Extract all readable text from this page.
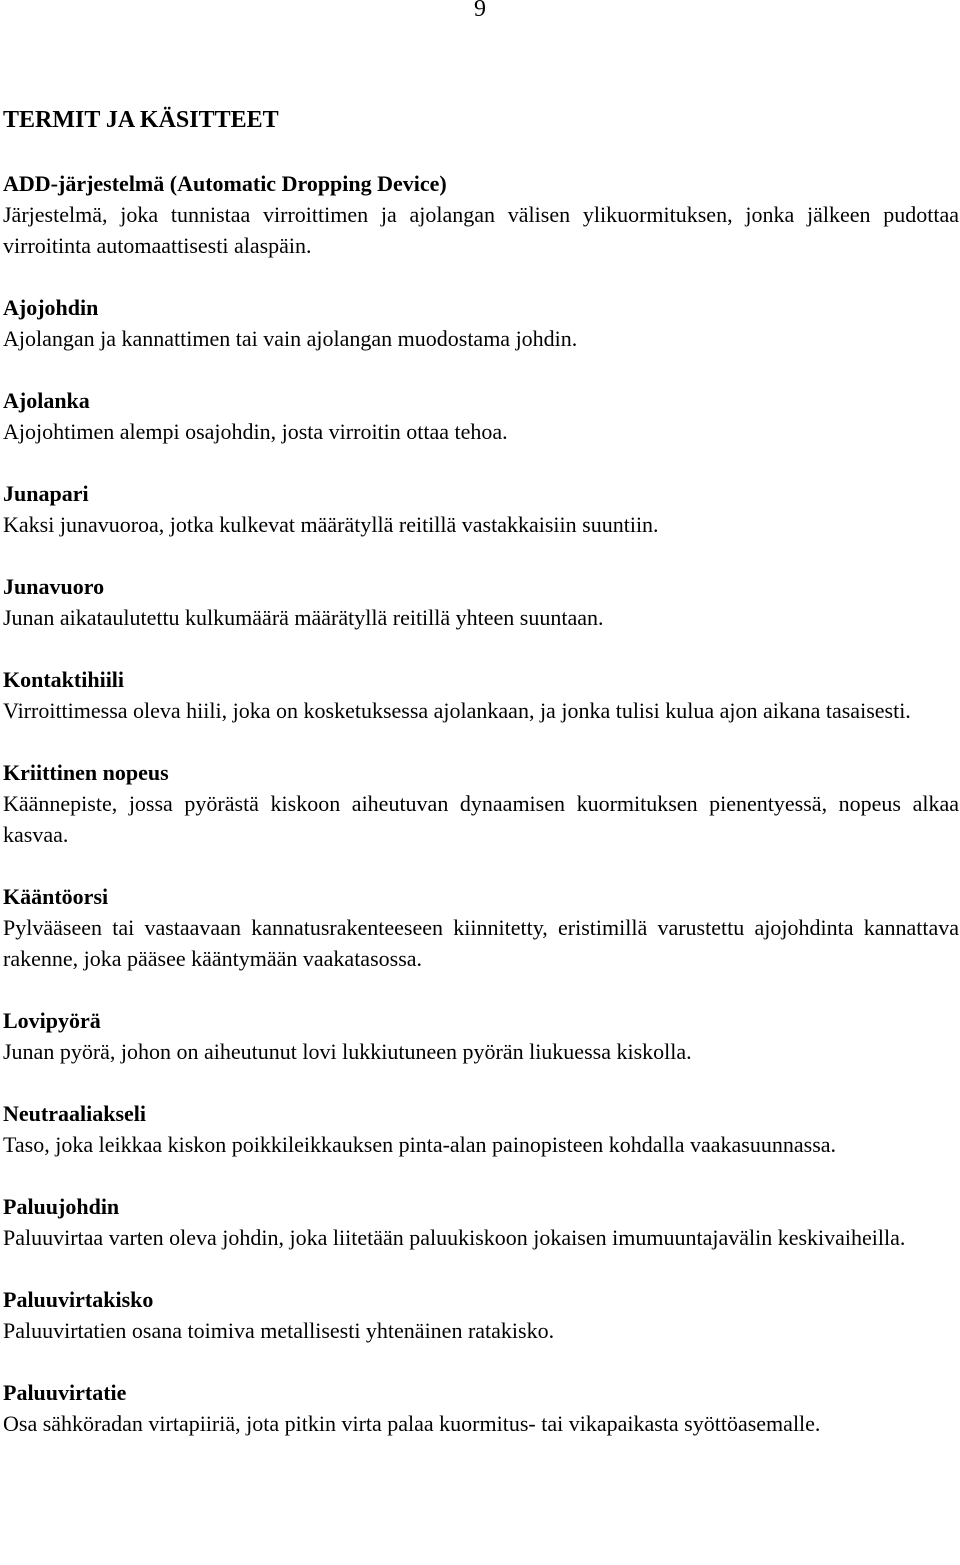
9
TERMIT JA KÄSITTEET
ADD-järjestelmä (Automatic Dropping Device)
Järjestelmä, joka tunnistaa virroittimen ja ajolangan välisen ylikuormituksen, jonka jälkeen pudottaa virroitinta automaattisesti alaspäin.
Ajojohdin
Ajolangan ja kannattimen tai vain ajolangan muodostama johdin.
Ajolanka
Ajojohtimen alempi osajohdin, josta virroitin ottaa tehoa.
Junapari
Kaksi junavuoroa, jotka kulkevat määrätyllä reitillä vastakkaisiin suuntiin.
Junavuoro
Junan aikataulutettu kulkumäärä määrätyllä reitillä yhteen suuntaan.
Kontaktihiili
Virroittimessa oleva hiili, joka on kosketuksessa ajolankaan, ja jonka tulisi kulua ajon aikana tasaisesti.
Kriittinen nopeus
Käännepiste, jossa pyörästä kiskoon aiheutuvan dynaamisen kuormituksen pienentyessä, nopeus alkaa kasvaa.
Kääntöorsi
Pylvääseen tai vastaavaan kannatusrakenteeseen kiinnitetty, eristimillä varustettu ajojohdinta kannattava rakenne, joka pääsee kääntymään vaakatasossa.
Lovipyörä
Junan pyörä, johon on aiheutunut lovi lukkiutuneen pyörän liukuessa kiskolla.
Neutraaliakseli
Taso, joka leikkaa kiskon poikkileikkauksen pinta-alan painopisteen kohdalla vaakasuunnassa.
Paluujohdin
Paluuvirtaa varten oleva johdin, joka liitetään paluukiskoon jokaisen imumuuntajavälin keskivaiheilla.
Paluuvirtakisko
Paluuvirtatien osana toimiva metallisesti yhtenäinen ratakisko.
Paluuvirtatie
Osa sähköradan virtapiiriä, jota pitkin virta palaa kuormitus- tai vikapaikasta syöttöasemalle.
